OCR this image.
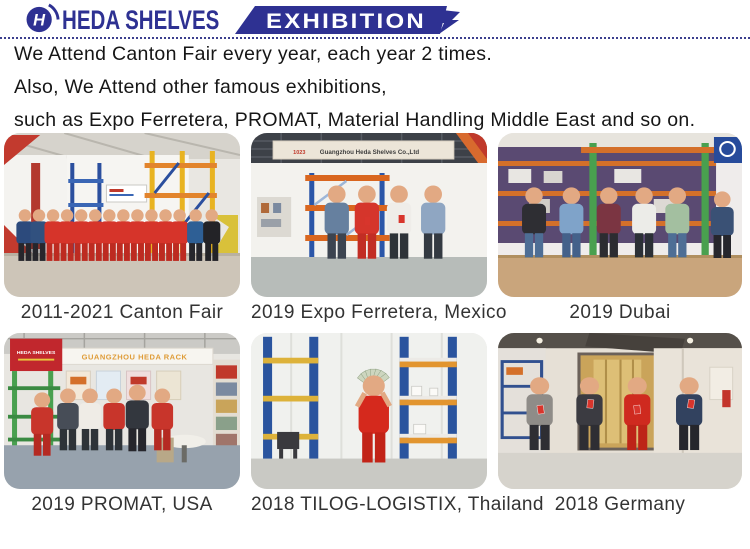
H HEDA SHELVES	EXHIBITION

We Attend Canton Fair every year, each year 2 times.

Also, We Attend other famous exhibitions,

such as Expo Ferretera, PROMAT, Material Handling Middle East and so on.

2011-2021 Canton Fair
1023 Guangzhou Heda Shelves Co.,Ltd
2019 Expo Ferretera, Mexico	2019 Dubai
GUANGZHOU HEDA RACK
HEDA SHELVES
2019 PROMAT, USA	2018 TILOG-LOGISTIX, Thailand 2018 Germany
